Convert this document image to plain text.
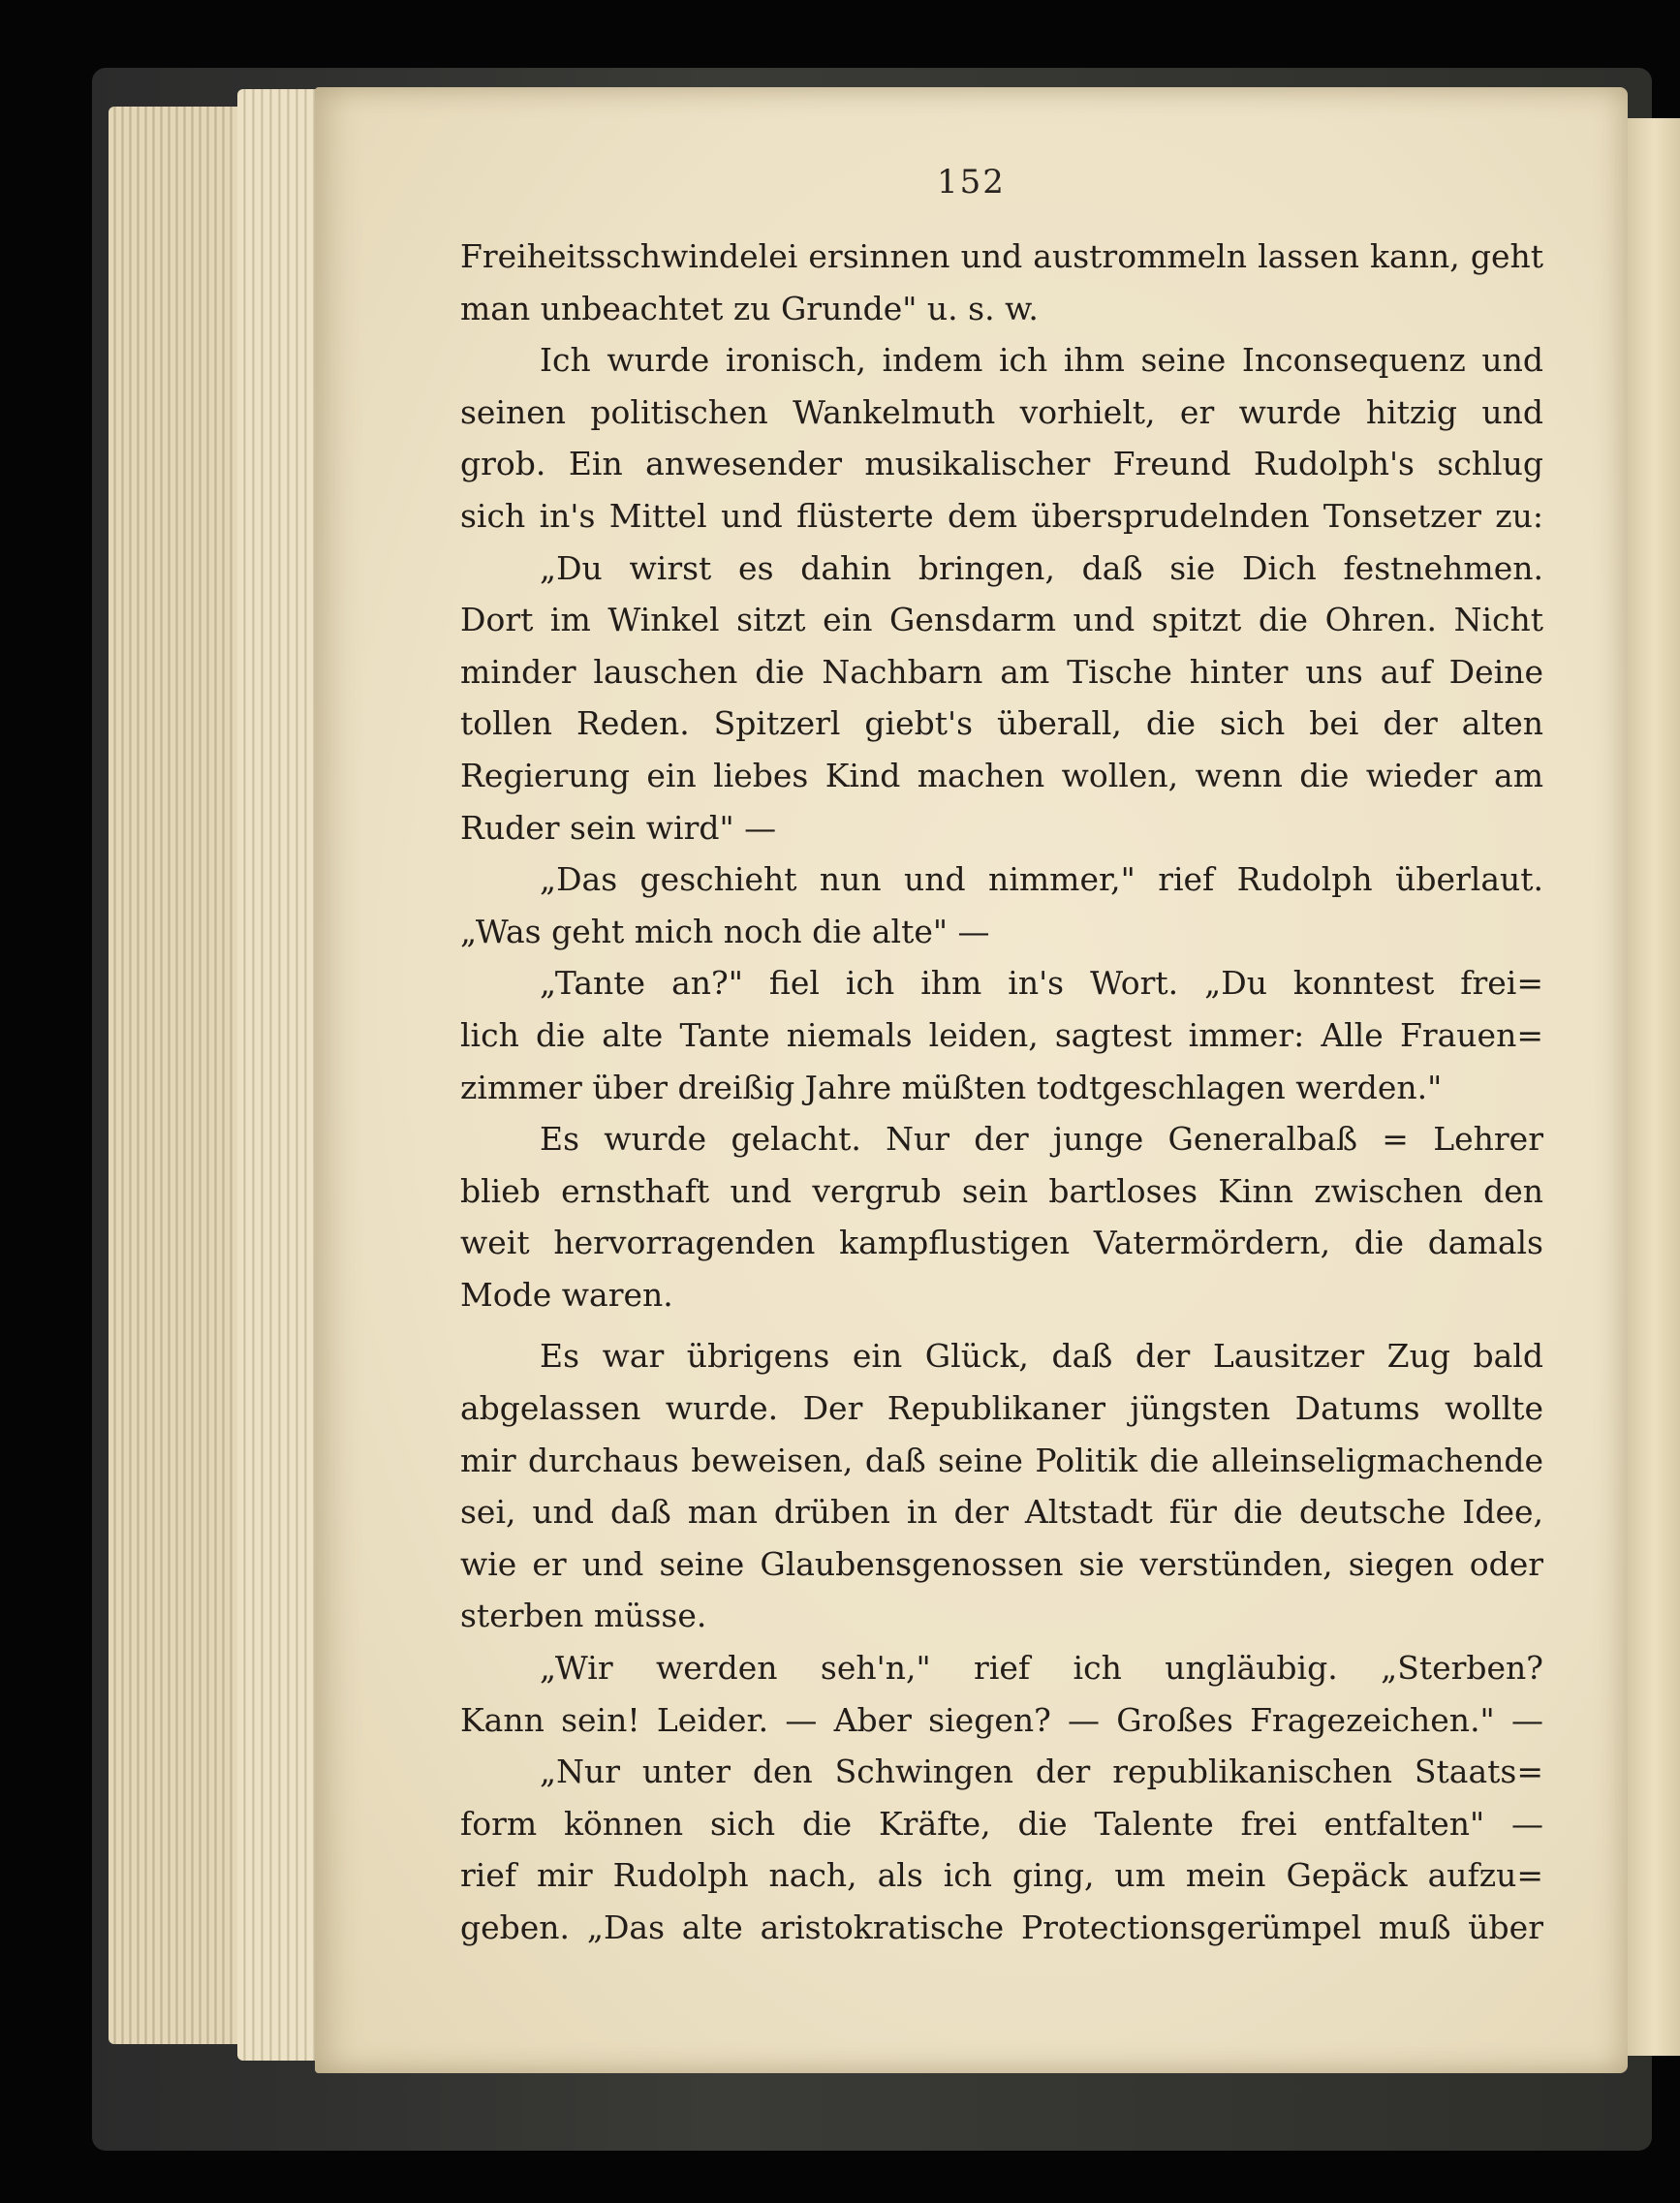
152
Freiheitsschwindelei ersinnen und austrommeln lassen kann, geht
man unbeachtet zu Grunde" u. s. w.
Ich wurde ironisch, indem ich ihm seine Inconsequenz und
seinen politischen Wankelmuth vorhielt, er wurde hitzig und
grob. Ein anwesender musikalischer Freund Rudolph's schlug
sich in's Mittel und flüsterte dem übersprudelnden Tonsetzer zu:
„Du wirst es dahin bringen, daß sie Dich festnehmen.
Dort im Winkel sitzt ein Gensdarm und spitzt die Ohren. Nicht
minder lauschen die Nachbarn am Tische hinter uns auf Deine
tollen Reden. Spitzerl giebt's überall, die sich bei der alten
Regierung ein liebes Kind machen wollen, wenn die wieder am
Ruder sein wird" —
„Das geschieht nun und nimmer," rief Rudolph überlaut.
„Was geht mich noch die alte" —
„Tante an?" fiel ich ihm in's Wort. „Du konntest frei=
lich die alte Tante niemals leiden, sagtest immer: Alle Frauen=
zimmer über dreißig Jahre müßten todtgeschlagen werden."
Es wurde gelacht. Nur der junge Generalbaß = Lehrer
blieb ernsthaft und vergrub sein bartloses Kinn zwischen den
weit hervorragenden kampflustigen Vatermördern, die damals
Mode waren.
Es war übrigens ein Glück, daß der Lausitzer Zug bald
abgelassen wurde. Der Republikaner jüngsten Datums wollte
mir durchaus beweisen, daß seine Politik die alleinseligmachende
sei, und daß man drüben in der Altstadt für die deutsche Idee,
wie er und seine Glaubensgenossen sie verstünden, siegen oder
sterben müsse.
„Wir werden seh'n," rief ich ungläubig. „Sterben?
Kann sein! Leider. — Aber siegen? — Großes Fragezeichen." —
„Nur unter den Schwingen der republikanischen Staats=
form können sich die Kräfte, die Talente frei entfalten" —
rief mir Rudolph nach, als ich ging, um mein Gepäck aufzu=
geben. „Das alte aristokratische Protectionsgerümpel muß über
